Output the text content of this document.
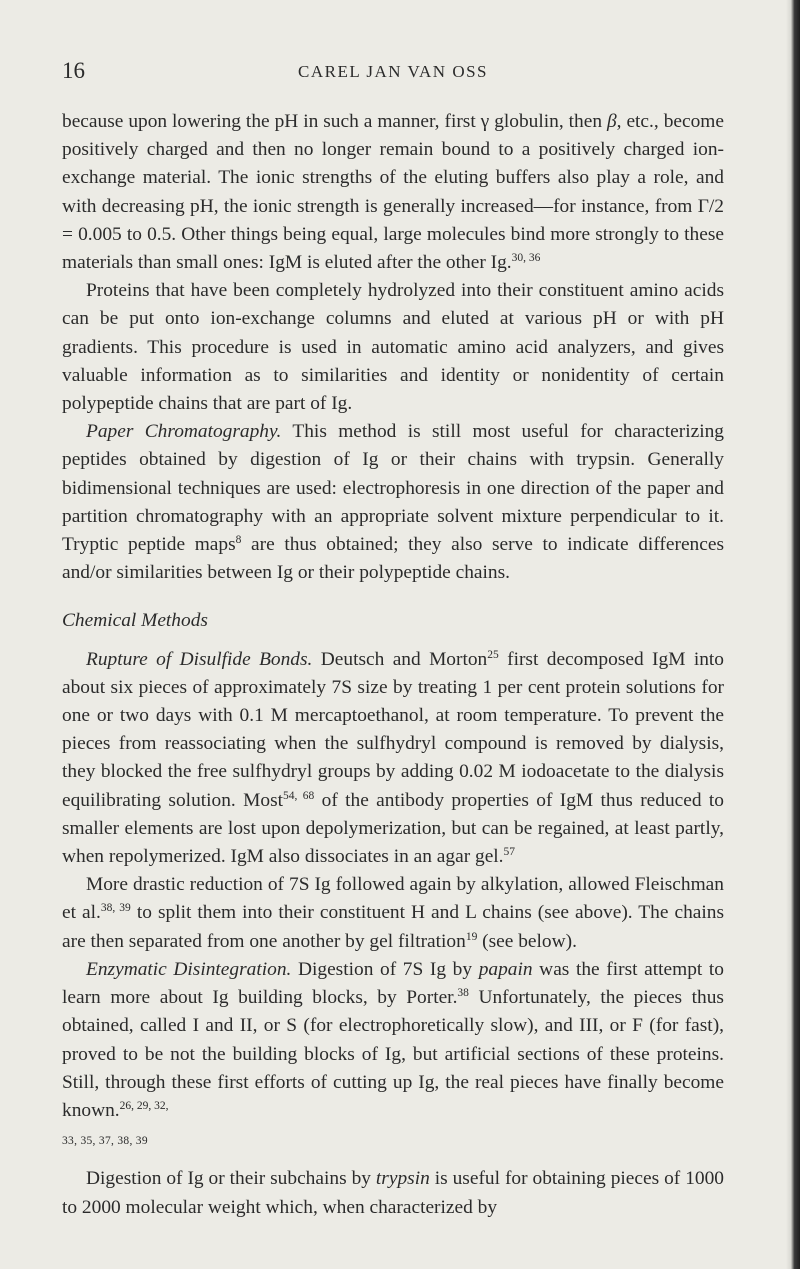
16	CAREL JAN VAN OSS

because upon lowering the pH in such a manner, first γ globulin, then β, etc., become positively charged and then no longer remain bound to a positively charged ion-exchange material. The ionic strengths of the eluting buffers also play a role, and with decreasing pH, the ionic strength is generally increased—for instance, from Γ/2 = 0.005 to 0.5. Other things being equal, large molecules bind more strongly to these materials than small ones: IgM is eluted after the other Ig.$^{30, 36}$

Proteins that have been completely hydrolyzed into their constituent amino acids can be put onto ion-exchange columns and eluted at various pH or with pH gradients. This procedure is used in automatic amino acid analyzers, and gives valuable information as to similarities and identity or nonidentity of certain polypeptide chains that are part of Ig.

Paper Chromatography. This method is still most useful for characterizing peptides obtained by digestion of Ig or their chains with trypsin. Generally bidimensional techniques are used: electrophoresis in one direction of the paper and partition chromatography with an appropriate solvent mixture perpendicular to it. Tryptic peptide maps$^8$ are thus obtained; they also serve to indicate differences and/or similarities between Ig or their polypeptide chains.

Chemical Methods

Rupture of Disulfide Bonds. Deutsch and Morton$^{25}$ first decomposed IgM into about six pieces of approximately 7S size by treating 1 per cent protein solutions for one or two days with 0.1 M mercaptoethanol, at room temperature. To prevent the pieces from reassociating when the sulfhydryl compound is removed by dialysis, they blocked the free sulfhydryl groups by adding 0.02 M iodoacetate to the dialysis equilibrating solution. Most$^{54, 68}$ of the antibody properties of IgM thus reduced to smaller elements are lost upon depolymerization, but can be regained, at least partly, when repolymerized. IgM also dissociates in an agar gel.$^{57}$

More drastic reduction of 7S Ig followed again by alkylation, allowed Fleischman et al.$^{38, 39}$ to split them into their constituent H and L chains (see above). The chains are then separated from one another by gel filtration$^{19}$ (see below).

Enzymatic Disintegration. Digestion of 7S Ig by papain was the first attempt to learn more about Ig building blocks, by Porter.$^{38}$ Unfortunately, the pieces thus obtained, called I and II, or S (for electrophoretically slow), and III, or F (for fast), proved to be not the building blocks of Ig, but artificial sections of these proteins. Still, through these first efforts of cutting up Ig, the real pieces have finally become known.$^{26, 29, 32,}$
33, 35, 37, 38, 39

Digestion of Ig or their subchains by trypsin is useful for obtaining pieces of 1000 to 2000 molecular weight which, when characterized by
